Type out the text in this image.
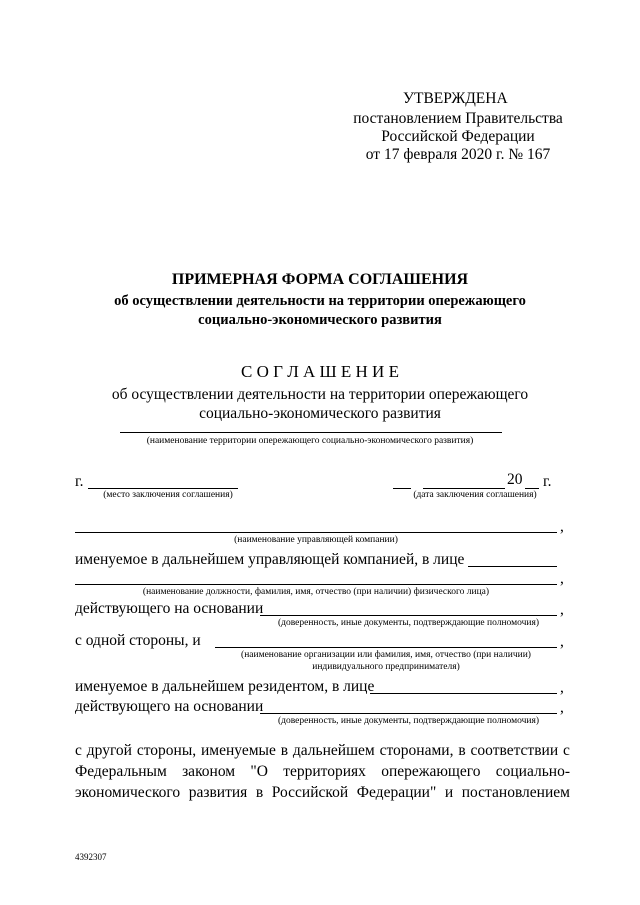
УТВЕРЖДЕНА
постановлением Правительства
Российской Федерации
от 17 февраля 2020 г. № 167
ПРИМЕРНАЯ ФОРМА СОГЛАШЕНИЯ
об осуществлении деятельности на территории опережающего
социально-экономического развития
С О Г Л А Ш Е Н И Е
об осуществлении деятельности на территории опережающего
социально-экономического развития
(наименование территории опережающего социально-экономического развития)
г.
(место заключения соглашения)
20 г.
(дата заключения соглашения)
,
(наименование управляющей компании)
именуемое в дальнейшем управляющей компанией, в лице
,
(наименование должности, фамилия, имя, отчество (при наличии) физического лица)
действующего на основании	,
(доверенность, иные документы, подтверждающие полномочия)
с одной стороны, и	,
(наименование организации или фамилия, имя, отчество (при наличии)
индивидуального предпринимателя)
именуемое в дальнейшем резидентом, в лице	,
действующего на основании	,
(доверенность, иные документы, подтверждающие полномочия)
с другой стороны, именуемые в дальнейшем сторонами, в соответствии с
Федеральным законом "О территориях опережающего социально-
экономического развития в Российской Федерации" и постановлением
4392307
